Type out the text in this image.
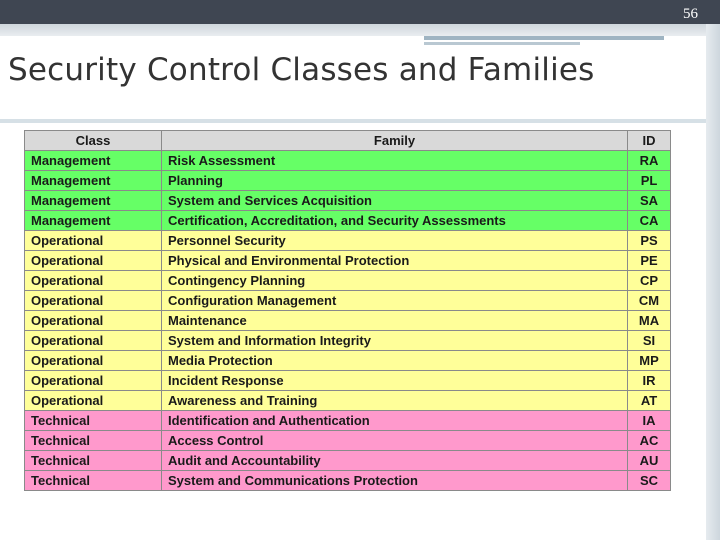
56
Security Control Classes and Families
Class	Family	ID
Management	Risk Assessment	RA
Management	Planning	PL
Management	System and Services Acquisition	SA
Management	Certification, Accreditation, and Security Assessments	CA
Operational	Personnel Security	PS
Operational	Physical and Environmental Protection	PE
Operational	Contingency Planning	CP
Operational	Configuration Management	CM
Operational	Maintenance	MA
Operational	System and Information Integrity	SI
Operational	Media Protection	MP
Operational	Incident Response	IR
Operational	Awareness and Training	AT
Technical	Identification and Authentication	IA
Technical	Access Control	AC
Technical	Audit and Accountability	AU
Technical	System and Communications Protection	SC
